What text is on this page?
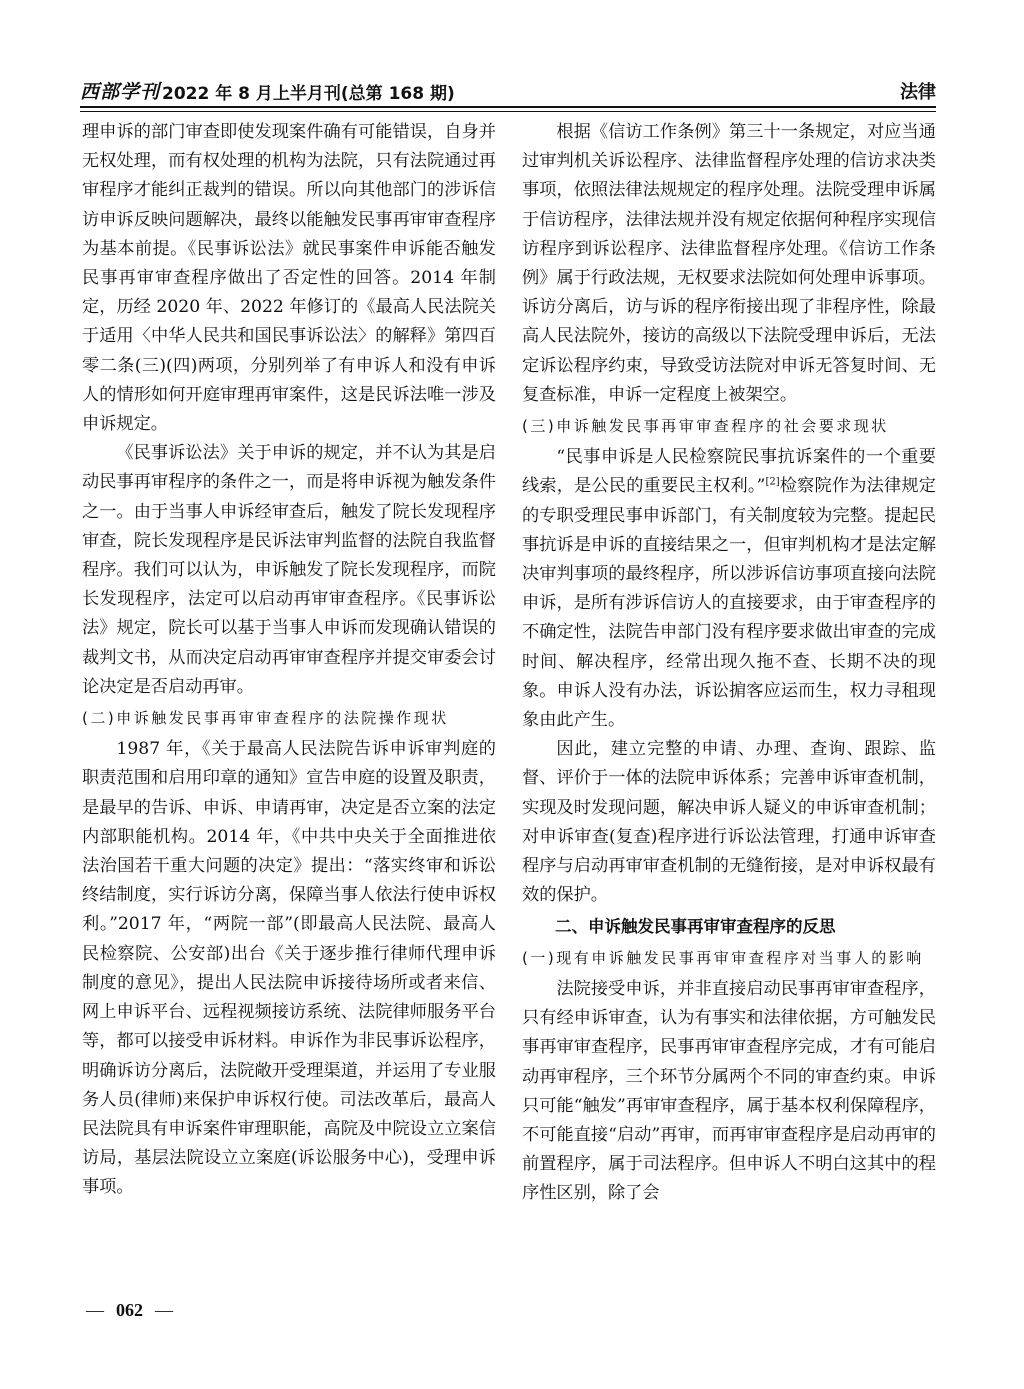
西部学刊 2022 年 8 月上半月刊(总第 168 期)	法律

理申诉的部门审查即使发现案件确有可能错误，自身并无权处理，而有权处理的机构为法院，只有法院通过再审程序才能纠正裁判的错误。所以向其他部门的涉诉信访申诉反映问题解决，最终以能触发民事再审审查程序为基本前提。《民事诉讼法》就民事案件申诉能否触发民事再审审查程序做出了否定性的回答。2014 年制定，历经 2020 年、2022 年修订的《最高人民法院关于适用〈中华人民共和国民事诉讼法〉的解释》第四百零二条(三)(四)两项，分别列举了有申诉人和没有申诉人的情形如何开庭审理再审案件，这是民诉法唯一涉及申诉规定。

《民事诉讼法》关于申诉的规定，并不认为其是启动民事再审程序的条件之一，而是将申诉视为触发条件之一。由于当事人申诉经审查后，触发了院长发现程序审查，院长发现程序是民诉法审判监督的法院自我监督程序。我们可以认为，申诉触发了院长发现程序，而院长发现程序，法定可以启动再审审查程序。《民事诉讼法》规定，院长可以基于当事人申诉而发现确认错误的裁判文书，从而决定启动再审审查程序并提交审委会讨论决定是否启动再审。

(二)申诉触发民事再审审查程序的法院操作现状

1987 年，《关于最高人民法院告诉申诉审判庭的职责范围和启用印章的通知》宣告申庭的设置及职责，是最早的告诉、申诉、申请再审，决定是否立案的法定内部职能机构。2014 年，《中共中央关于全面推进依法治国若干重大问题的决定》提出：“落实终审和诉讼终结制度，实行诉访分离，保障当事人依法行使申诉权利。”2017 年，“两院一部”(即最高人民法院、最高人民检察院、公安部)出台《关于逐步推行律师代理申诉制度的意见》，提出人民法院申诉接待场所或者来信、网上申诉平台、远程视频接访系统、法院律师服务平台等，都可以接受申诉材料。申诉作为非民事诉讼程序，明确诉访分离后，法院敞开受理渠道，并运用了专业服务人员(律师)来保护申诉权行使。司法改革后，最高人民法院具有申诉案件审理职能，高院及中院设立立案信访局，基层法院设立立案庭(诉讼服务中心)，受理申诉事项。

根据《信访工作条例》第三十一条规定，对应当通过审判机关诉讼程序、法律监督程序处理的信访求决类事项，依照法律法规规定的程序处理。法院受理申诉属于信访程序，法律法规并没有规定依据何种程序实现信访程序到诉讼程序、法律监督程序处理。《信访工作条例》属于行政法规，无权要求法院如何处理申诉事项。诉访分离后，访与诉的程序衔接出现了非程序性，除最高人民法院外，接访的高级以下法院受理申诉后，无法定诉讼程序约束，导致受访法院对申诉无答复时间、无复查标准，申诉一定程度上被架空。

(三)申诉触发民事再审审查程序的社会要求现状

“民事申诉是人民检察院民事抗诉案件的一个重要线索，是公民的重要民主权利。”[2]检察院作为法律规定的专职受理民事申诉部门，有关制度较为完整。提起民事抗诉是申诉的直接结果之一，但审判机构才是法定解决审判事项的最终程序，所以涉诉信访事项直接向法院申诉，是所有涉诉信访人的直接要求，由于审查程序的不确定性，法院告申部门没有程序要求做出审查的完成时间、解决程序，经常出现久拖不查、长期不决的现象。申诉人没有办法，诉讼掮客应运而生，权力寻租现象由此产生。

因此，建立完整的申请、办理、查询、跟踪、监督、评价于一体的法院申诉体系；完善申诉审查机制，实现及时发现问题，解决申诉人疑义的申诉审查机制；对申诉审查(复查)程序进行诉讼法管理，打通申诉审查程序与启动再审审查机制的无缝衔接，是对申诉权最有效的保护。

二、申诉触发民事再审审查程序的反思
(一)现有申诉触发民事再审审查程序对当事人的影响

法院接受申诉，并非直接启动民事再审审查程序，只有经申诉审查，认为有事实和法律依据，方可触发民事再审审查程序，民事再审审查程序完成，才有可能启动再审程序，三个环节分属两个不同的审查约束。申诉只可能“触发”再审审查程序，属于基本权利保障程序，不可能直接“启动”再审，而再审审查程序是启动再审的前置程序，属于司法程序。但申诉人不明白这其中的程序性区别，除了会

— 062 —
